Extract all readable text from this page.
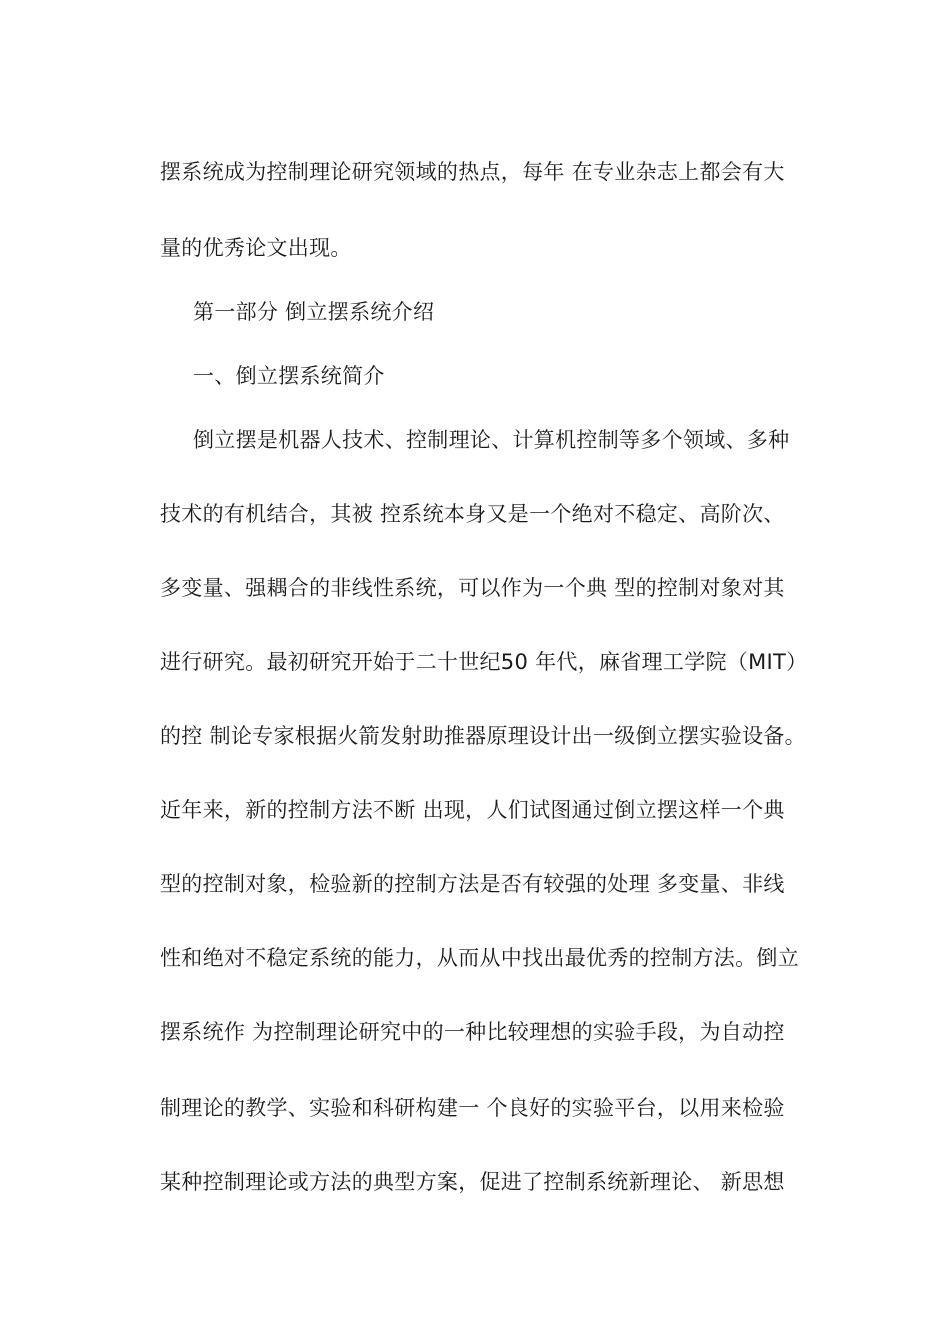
摆系统成为控制理论研究领域的热点，每年 在专业杂志上都会有大
量的优秀论文出现。
第一部分 倒立摆系统介绍
一、倒立摆系统简介
倒立摆是机器人技术、控制理论、计算机控制等多个领域、多种
技术的有机结合，其被 控系统本身又是一个绝对不稳定、高阶次、
多变量、强耦合的非线性系统，可以作为一个典 型的控制对象对其
进行研究。最初研究开始于二十世纪50 年代，麻省理工学院（MIT）
的控 制论专家根据火箭发射助推器原理设计出一级倒立摆实验设备。
近年来，新的控制方法不断 出现，人们试图通过倒立摆这样一个典
型的控制对象，检验新的控制方法是否有较强的处理 多变量、非线
性和绝对不稳定系统的能力，从而从中找出最优秀的控制方法。倒立
摆系统作 为控制理论研究中的一种比较理想的实验手段，为自动控
制理论的教学、实验和科研构建一 个良好的实验平台，以用来检验
某种控制理论或方法的典型方案，促进了控制系统新理论、 新思想
